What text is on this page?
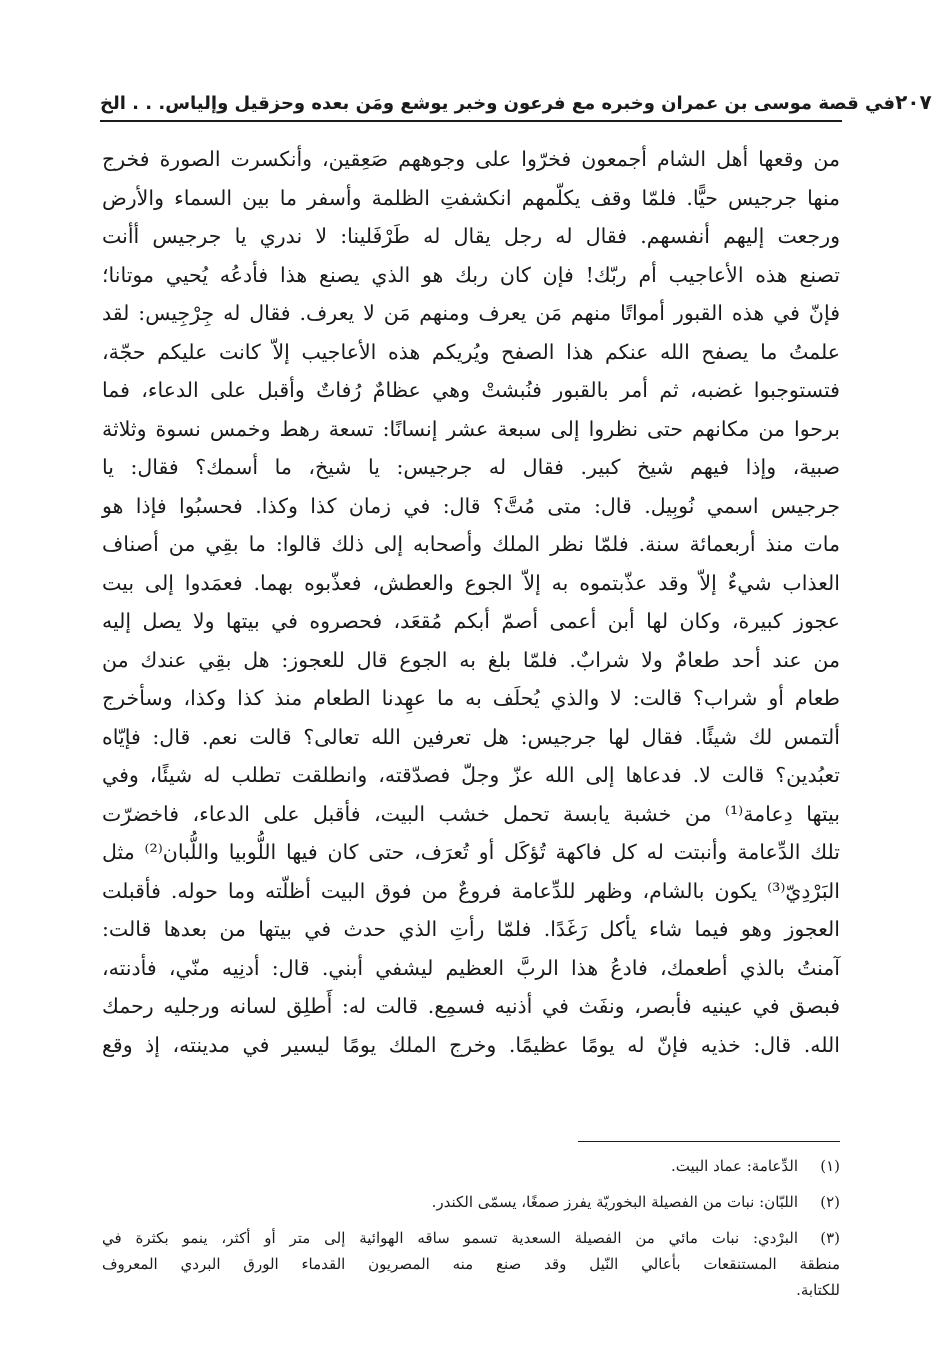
في قصة موسى بن عمران وخبره مع فرعون وخبر يوشع ومَن بعده وحزقيل وإلياس. . . الخ ٢٠٧
من وقعها أهل الشام أجمعون فخرّوا على وجوههم صَعِقين، وأنكسرت الصورة فخرج
منها جرجيس حيًّا. فلمّا وقف يكلّمهم انكشفتِ الظلمة وأسفر ما بين السماء والأرض
ورجعت إليهم أنفسهم. فقال له رجل يقال له طَرْفَلينا: لا ندري يا جرجيس أأنت
تصنع هذه الأعاجيب أم ربّك! فإن كان ربك هو الذي يصنع هذا فأدعُه يُحيي موتانا؛
فإنّ في هذه القبور أمواتًا منهم مَن يعرف ومنهم مَن لا يعرف. فقال له جِرْجِيس: لقد
علمتُ ما يصفح الله عنكم هذا الصفح ويُريكم هذه الأعاجيب إلاّ كانت عليكم حجّة،
فتستوجبوا غضبه، ثم أمر بالقبور فنُبشتْ وهي عظامٌ رُفاتٌ وأقبل على الدعاء، فما
برحوا من مكانهم حتى نظروا إلى سبعة عشر إنسانًا: تسعة رهط وخمس نسوة وثلاثة
صبية، وإذا فيهم شيخ كبير. فقال له جرجيس: يا شيخ، ما أسمك؟ فقال: يا
جرجيس اسمي نُوبِيل. قال: متى مُتَّ؟ قال: في زمان كذا وكذا. فحسبُوا فإذا هو
مات منذ أربعمائة سنة. فلمّا نظر الملك وأصحابه إلى ذلك قالوا: ما بقِي من أصناف
العذاب شيءٌ إلاّ وقد عذّبتموه به إلاّ الجوع والعطش، فعذّبوه بهما. فعمَدوا إلى بيت
عجوز كبيرة، وكان لها أبن أعمى أصمّ أبكم مُقعَد، فحصروه في بيتها ولا يصل إليه
من عند أحد طعامٌ ولا شرابٌ. فلمّا بلغ به الجوع قال للعجوز: هل بقِي عندك من
طعام أو شراب؟ قالت: لا والذي يُحلَف به ما عهِدنا الطعام منذ كذا وكذا، وسأخرج
ألتمس لك شيئًا. فقال لها جرجيس: هل تعرفين الله تعالى؟ قالت نعم. قال: فإيّاه
تعبُدين؟ قالت لا. فدعاها إلى الله عزّ وجلّ فصدّقته، وانطلقت تطلب له شيئًا، وفي
بيتها دِعامة⁽¹⁾ من خشبة يابسة تحمل خشب البيت، فأقبل على الدعاء، فاخضرّت
تلك الدِّعامة وأنبتت له كل فاكهة تُؤكَل أو تُعرَف، حتى كان فيها اللُّوبيا واللُّبان⁽²⁾ مثل
البَرْدِيّ⁽³⁾ يكون بالشام، وظهر للدِّعامة فروعٌ من فوق البيت أظلّته وما حوله. فأقبلت
العجوز وهو فيما شاء يأكل رَغَدًا. فلمّا رأتِ الذي حدث في بيتها من بعدها قالت:
آمنتُ بالذي أطعمك، فادعُ هذا الربَّ العظيم ليشفي أبني. قال: أدنِيه منّي، فأدنته،
فبصق في عينيه فأبصر، ونفَث في أذنيه فسمِع. قالت له: أَطلِق لسانه ورجليه رحمك
الله. قال: خذيه فإنّ له يومًا عظيمًا. وخرج الملك يومًا ليسير في مدينته، إذ وقع
(١)
الدِّعامة: عماد البيت.
(٢)
اللبّان: نبات من الفصيلة البخوريّة يفرز صمغًا، يسمّى الكندر.
(٣)
البرْدي: نبات مائي من الفصيلة السعدية تسمو ساقه الهوائية إلى متر أو أكثر، ينمو بكثرة في
منطقة المستنقعات بأعالي النّيل وقد صنع منه المصريون القدماء الورق البردي المعروف
للكتابة.
